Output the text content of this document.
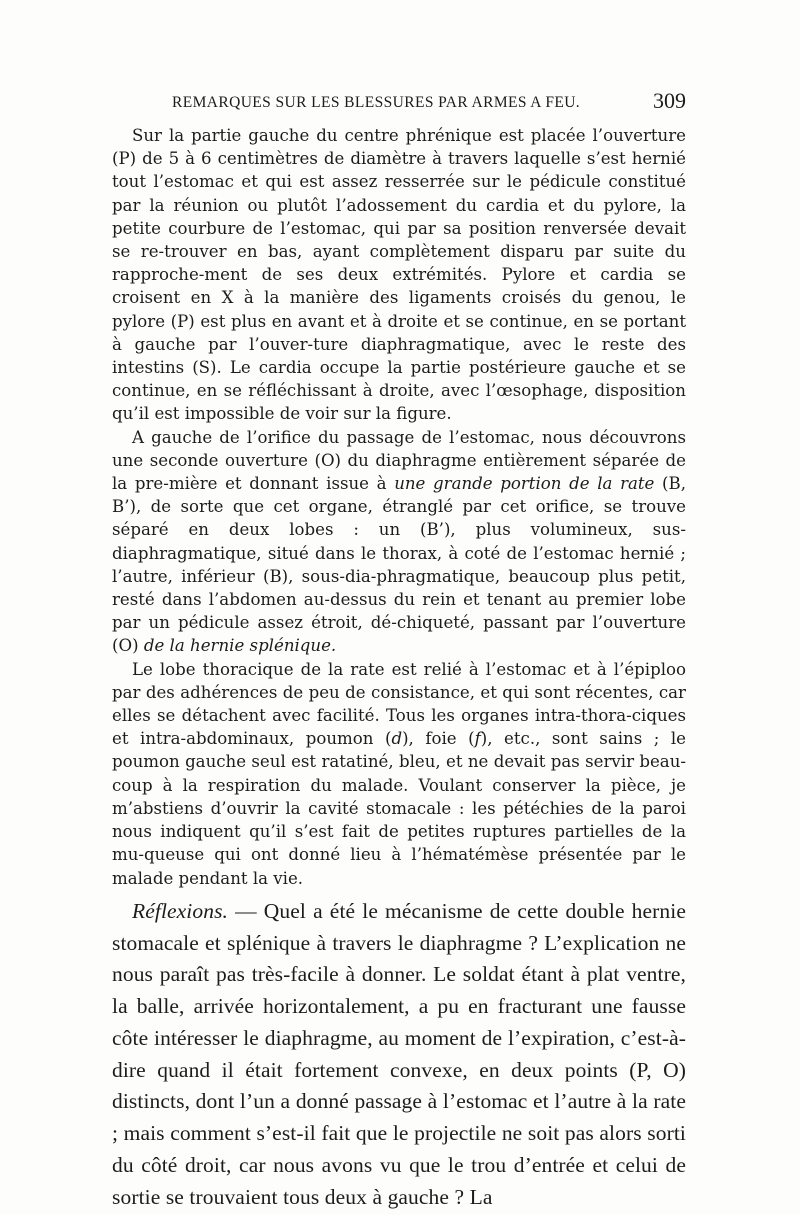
REMARQUES SUR LES BLESSURES PAR ARMES A FEU.	309

Sur la partie gauche du centre phrénique est placée l’ouverture (P) de 5 à 6 centimètres de diamètre à travers laquelle s’est hernié tout l’estomac et qui est assez resserrée sur le pédicule constitué par la réunion ou plutôt l’adossement du cardia et du pylore, la petite courbure de l’estomac, qui par sa position renversée devait se re-trouver en bas, ayant complètement disparu par suite du rapproche-ment de ses deux extrémités. Pylore et cardia se croisent en X à la manière des ligaments croisés du genou, le pylore (P) est plus en avant et à droite et se continue, en se portant à gauche par l’ouver-ture diaphragmatique, avec le reste des intestins (S). Le cardia occupe la partie postérieure gauche et se continue, en se réfléchissant à droite, avec l’œsophage, disposition qu’il est impossible de voir sur la figure.

A gauche de l’orifice du passage de l’estomac, nous découvrons une seconde ouverture (O) du diaphragme entièrement séparée de la pre-mière et donnant issue à une grande portion de la rate (B, B’), de sorte que cet organe, étranglé par cet orifice, se trouve séparé en deux lobes : un (B’), plus volumineux, sus-diaphragmatique, situé dans le thorax, à coté de l’estomac hernié ; l’autre, inférieur (B), sous-dia-phragmatique, beaucoup plus petit, resté dans l’abdomen au-dessus du rein et tenant au premier lobe par un pédicule assez étroit, dé-chiqueté, passant par l’ouverture (O) de la hernie splénique.

Le lobe thoracique de la rate est relié à l’estomac et à l’épiploo par des adhérences de peu de consistance, et qui sont récentes, car elles se détachent avec facilité. Tous les organes intra-thora-ciques et intra-abdominaux, poumon (d), foie (f), etc., sont sains ; le poumon gauche seul est ratatiné, bleu, et ne devait pas servir beau-coup à la respiration du malade. Voulant conserver la pièce, je m’abstiens d’ouvrir la cavité stomacale : les pétéchies de la paroi nous indiquent qu’il s’est fait de petites ruptures partielles de la mu-queuse qui ont donné lieu à l’hématémèse présentée par le malade pendant la vie.

Réflexions. — Quel a été le mécanisme de cette double hernie stomacale et splénique à travers le diaphragme ? L’explication ne nous paraît pas très-facile à donner. Le soldat étant à plat ventre, la balle, arrivée horizontalement, a pu en fracturant une fausse côte intéresser le diaphragme, au moment de l’expiration, c’est-à-dire quand il était fortement convexe, en deux points (P, O) distincts, dont l’un a donné passage à l’estomac et l’autre à la rate ; mais comment s’est-il fait que le projectile ne soit pas alors sorti du côté droit, car nous avons vu que le trou d’entrée et celui de sortie se trouvaient tous deux à gauche ? La
